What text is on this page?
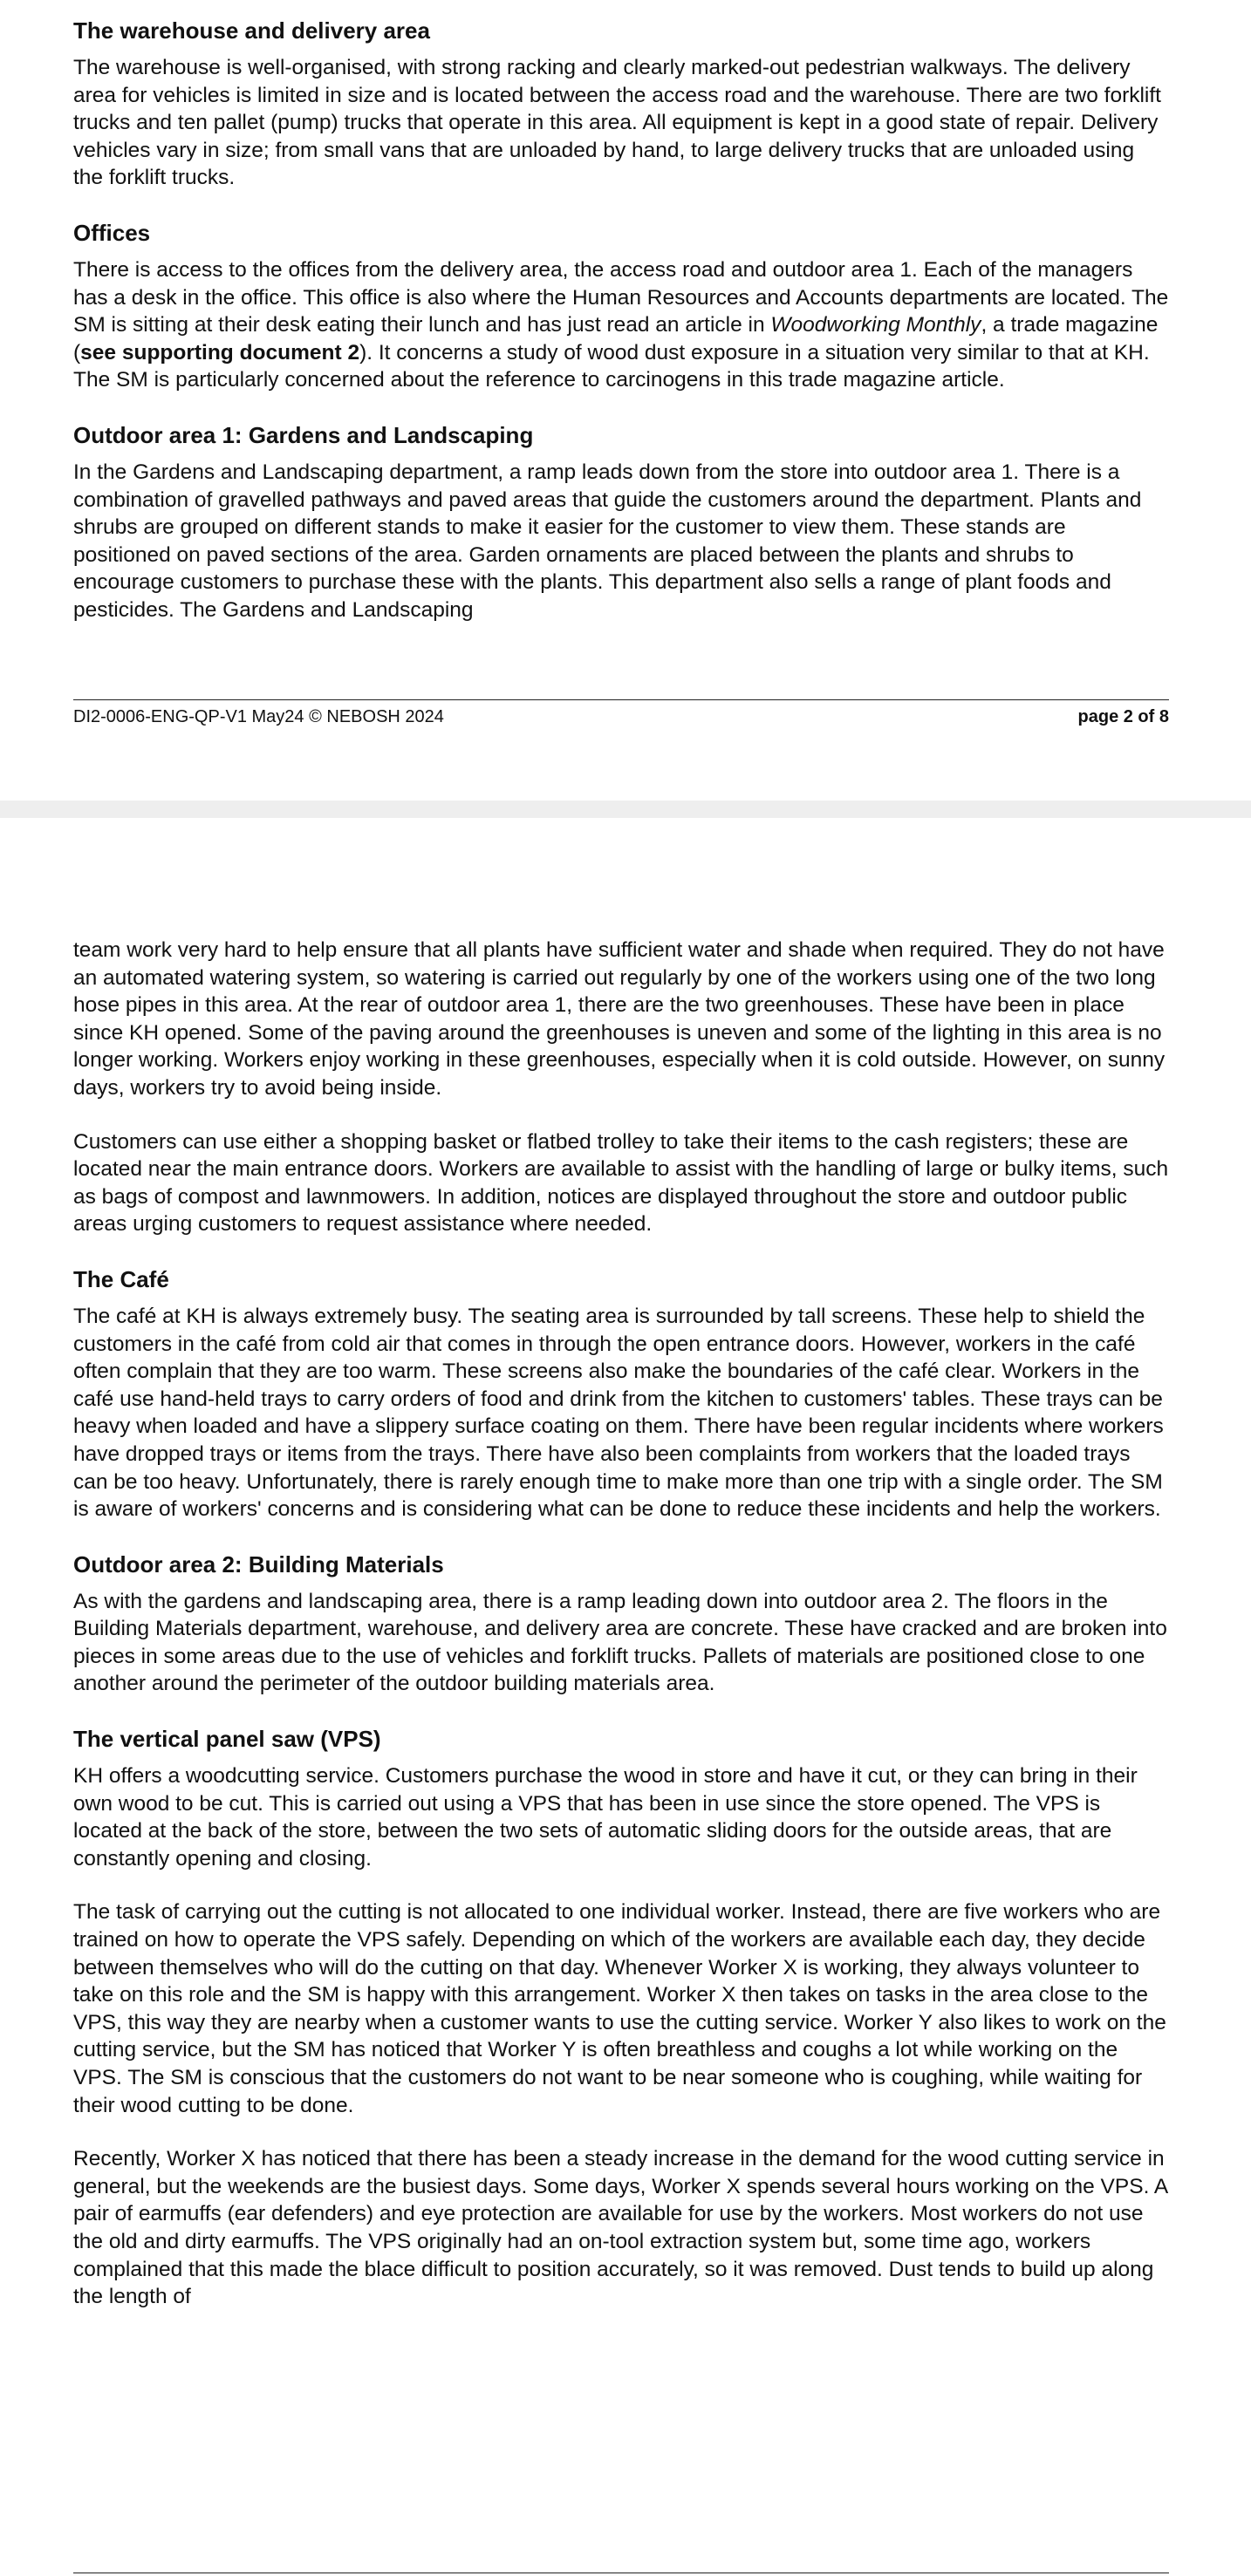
The warehouse and delivery area

The warehouse is well-organised, with strong racking and clearly marked-out pedestrian walkways. The delivery area for vehicles is limited in size and is located between the access road and the warehouse. There are two forklift trucks and ten pallet (pump) trucks that operate in this area. All equipment is kept in a good state of repair. Delivery vehicles vary in size; from small vans that are unloaded by hand, to large delivery trucks that are unloaded using the forklift trucks.

Offices

There is access to the offices from the delivery area, the access road and outdoor area 1. Each of the managers has a desk in the office. This office is also where the Human Resources and Accounts departments are located. The SM is sitting at their desk eating their lunch and has just read an article in Woodworking Monthly, a trade magazine (see supporting document 2). It concerns a study of wood dust exposure in a situation very similar to that at KH. The SM is particularly concerned about the reference to carcinogens in this trade magazine article.

Outdoor area 1: Gardens and Landscaping

In the Gardens and Landscaping department, a ramp leads down from the store into outdoor area 1. There is a combination of gravelled pathways and paved areas that guide the customers around the department. Plants and shrubs are grouped on different stands to make it easier for the customer to view them. These stands are positioned on paved sections of the area. Garden ornaments are placed between the plants and shrubs to encourage customers to purchase these with the plants. This department also sells a range of plant foods and pesticides. The Gardens and Landscaping

DI2-0006-ENG-QP-V1 May24 © NEBOSH 2024	page 2 of 8

team work very hard to help ensure that all plants have sufficient water and shade when required. They do not have an automated watering system, so watering is carried out regularly by one of the workers using one of the two long hose pipes in this area. At the rear of outdoor area 1, there are the two greenhouses. These have been in place since KH opened. Some of the paving around the greenhouses is uneven and some of the lighting in this area is no longer working. Workers enjoy working in these greenhouses, especially when it is cold outside. However, on sunny days, workers try to avoid being inside.

Customers can use either a shopping basket or flatbed trolley to take their items to the cash registers; these are located near the main entrance doors. Workers are available to assist with the handling of large or bulky items, such as bags of compost and lawnmowers. In addition, notices are displayed throughout the store and outdoor public areas urging customers to request assistance where needed.

The Café

The café at KH is always extremely busy. The seating area is surrounded by tall screens. These help to shield the customers in the café from cold air that comes in through the open entrance doors. However, workers in the café often complain that they are too warm. These screens also make the boundaries of the café clear. Workers in the café use hand-held trays to carry orders of food and drink from the kitchen to customers' tables. These trays can be heavy when loaded and have a slippery surface coating on them. There have been regular incidents where workers have dropped trays or items from the trays. There have also been complaints from workers that the loaded trays can be too heavy. Unfortunately, there is rarely enough time to make more than one trip with a single order. The SM is aware of workers' concerns and is considering what can be done to reduce these incidents and help the workers.

Outdoor area 2: Building Materials

As with the gardens and landscaping area, there is a ramp leading down into outdoor area 2. The floors in the Building Materials department, warehouse, and delivery area are concrete. These have cracked and are broken into pieces in some areas due to the use of vehicles and forklift trucks. Pallets of materials are positioned close to one another around the perimeter of the outdoor building materials area.

The vertical panel saw (VPS)

KH offers a woodcutting service. Customers purchase the wood in store and have it cut, or they can bring in their own wood to be cut. This is carried out using a VPS that has been in use since the store opened. The VPS is located at the back of the store, between the two sets of automatic sliding doors for the outside areas, that are constantly opening and closing.

The task of carrying out the cutting is not allocated to one individual worker. Instead, there are five workers who are trained on how to operate the VPS safely. Depending on which of the workers are available each day, they decide between themselves who will do the cutting on that day. Whenever Worker X is working, they always volunteer to take on this role and the SM is happy with this arrangement. Worker X then takes on tasks in the area close to the VPS, this way they are nearby when a customer wants to use the cutting service. Worker Y also likes to work on the cutting service, but the SM has noticed that Worker Y is often breathless and coughs a lot while working on the VPS. The SM is conscious that the customers do not want to be near someone who is coughing, while waiting for their wood cutting to be done.

Recently, Worker X has noticed that there has been a steady increase in the demand for the wood cutting service in general, but the weekends are the busiest days. Some days, Worker X spends several hours working on the VPS. A pair of earmuffs (ear defenders) and eye protection are available for use by the workers. Most workers do not use the old and dirty earmuffs. The VPS originally had an on-tool extraction system but, some time ago, workers complained that this made the blace difficult to position accurately, so it was removed. Dust tends to build up along the length of
